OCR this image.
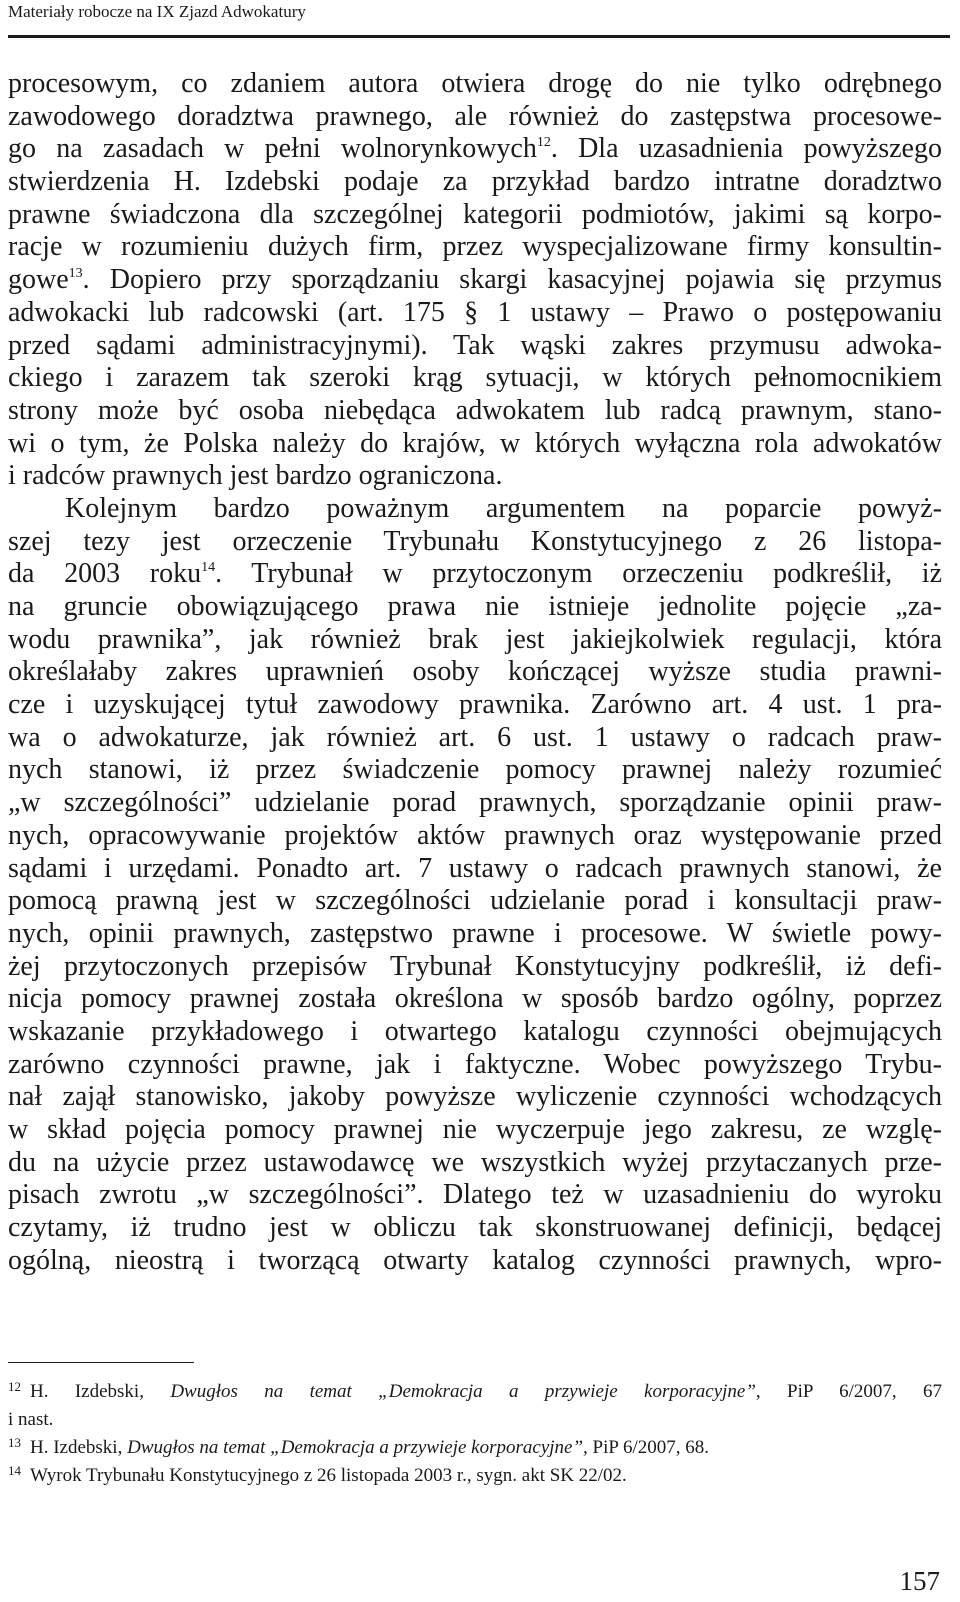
Materiały robocze na IX Zjazd Adwokatury
procesowym, co zdaniem autora otwiera drogę do nie tylko odrębnego
zawodowego doradztwa prawnego, ale również do zastępstwa procesowe-
go na zasadach w pełni wolnorynkowych$^{12}$. Dla uzasadnienia powyższego
stwierdzenia H. Izdebski podaje za przykład bardzo intratne doradztwo
prawne świadczona dla szczególnej kategorii podmiotów, jakimi są korpo-
racje w rozumieniu dużych firm, przez wyspecjalizowane firmy konsultin-
gowe$^{13}$. Dopiero przy sporządzaniu skargi kasacyjnej pojawia się przymus
adwokacki lub radcowski (art. 175 § 1 ustawy – Prawo o postępowaniu
przed sądami administracyjnymi). Tak wąski zakres przymusu adwoka-
ckiego i zarazem tak szeroki krąg sytuacji, w których pełnomocnikiem
strony może być osoba niebędąca adwokatem lub radcą prawnym, stano-
wi o tym, że Polska należy do krajów, w których wyłączna rola adwokatów
i radców prawnych jest bardzo ograniczona.
Kolejnym bardzo poważnym argumentem na poparcie powyż-
szej tezy jest orzeczenie Trybunału Konstytucyjnego z 26 listopa-
da 2003 roku$^{14}$. Trybunał w przytoczonym orzeczeniu podkreślił, iż
na gruncie obowiązującego prawa nie istnieje jednolite pojęcie „za-
wodu prawnika”, jak również brak jest jakiejkolwiek regulacji, która
określałaby zakres uprawnień osoby kończącej wyższe studia prawni-
cze i uzyskującej tytuł zawodowy prawnika. Zarówno art. 4 ust. 1 pra-
wa o adwokaturze, jak również art. 6 ust. 1 ustawy o radcach praw-
nych stanowi, iż przez świadczenie pomocy prawnej należy rozumieć
„w szczególności” udzielanie porad prawnych, sporządzanie opinii praw-
nych, opracowywanie projektów aktów prawnych oraz występowanie przed
sądami i urzędami. Ponadto art. 7 ustawy o radcach prawnych stanowi, że
pomocą prawną jest w szczególności udzielanie porad i konsultacji praw-
nych, opinii prawnych, zastępstwo prawne i procesowe. W świetle powy-
żej przytoczonych przepisów Trybunał Konstytucyjny podkreślił, iż defi-
nicja pomocy prawnej została określona w sposób bardzo ogólny, poprzez
wskazanie przykładowego i otwartego katalogu czynności obejmujących
zarówno czynności prawne, jak i faktyczne. Wobec powyższego Trybu-
nał zajął stanowisko, jakoby powyższe wyliczenie czynności wchodzących
w skład pojęcia pomocy prawnej nie wyczerpuje jego zakresu, ze wzglę-
du na użycie przez ustawodawcę we wszystkich wyżej przytaczanych prze-
pisach zwrotu „w szczególności”. Dlatego też w uzasadnieniu do wyroku
czytamy, iż trudno jest w obliczu tak skonstruowanej definicji, będącej
ogólną, nieostrą i tworzącą otwarty katalog czynności prawnych, wpro-
12 H. Izdebski, Dwugłos na temat „Demokracja a przywieje korporacyjne”, PiP 6/2007, 67
i nast.
13 H. Izdebski, Dwugłos na temat „Demokracja a przywieje korporacyjne”, PiP 6/2007, 68.
14 Wyrok Trybunału Konstytucyjnego z 26 listopada 2003 r., sygn. akt SK 22/02.
157
